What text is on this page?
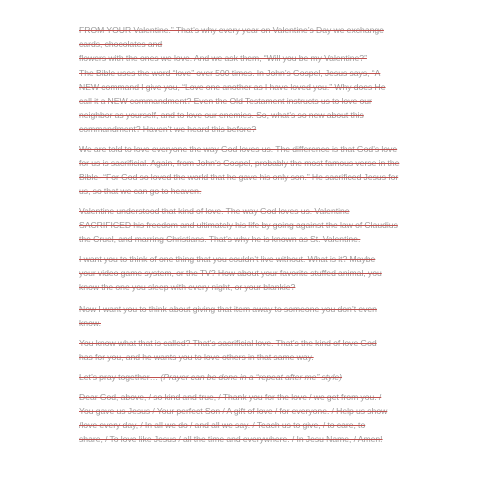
FROM YOUR Valentine.” That’s why every year on Valentine’s Day we exchange
cards, chocolates and
flowers with the ones we love. And we ask them, “Will you be my Valentine?”
The Bible uses the word “love” over 500 times. In John’s Gospel, Jesus says, “A
NEW command I give you, “Love one another as I have loved you.” Why does He
call it a NEW commandment? Even the Old Testament instructs us to love our
neighbor as yourself, and to love our enemies. So, what’s so new about this
commandment? Haven’t we heard this before?
We are told to love everyone the way God loves us. The difference is that God’s love
for us is sacrificial. Again, from John’s Gospel, probably the most famous verse in the
Bible- “For God so loved the world that he gave his only son.” He sacrificed Jesus for
us, so that we can go to heaven.
Valentine understood that kind of love. The way God loves us. Valentine
SACRIFICED his freedom and ultimately his life by going against the law of Claudius
the Cruel, and marring Christians. That’s why he is known as St. Valentine.
I want you to think of one thing that you couldn’t live without. What is it? Maybe
your video game system, or the TV? How about your favorite stuffed animal, you
know the one you sleep with every night, or your blankie?
Now I want you to think about giving that item away to someone you don’t even
know.
You know what that is called? That’s sacrificial love. That’s the kind of love God
has for you, and he wants you to love others in that same way.
Let’s pray together… (Prayer can be done in a “repeat after me” style)
Dear God, above, / so kind and true, / Thank you for the love / we get from you. /
You gave us Jesus / Your perfect Son / A gift of love / for everyone. / Help us show
/love every day, / In all we do / and all we say. / Teach us to give, / to care, to
share, / To love like Jesus / all the time and everywhere. / In Jesu Name, / Amen!
